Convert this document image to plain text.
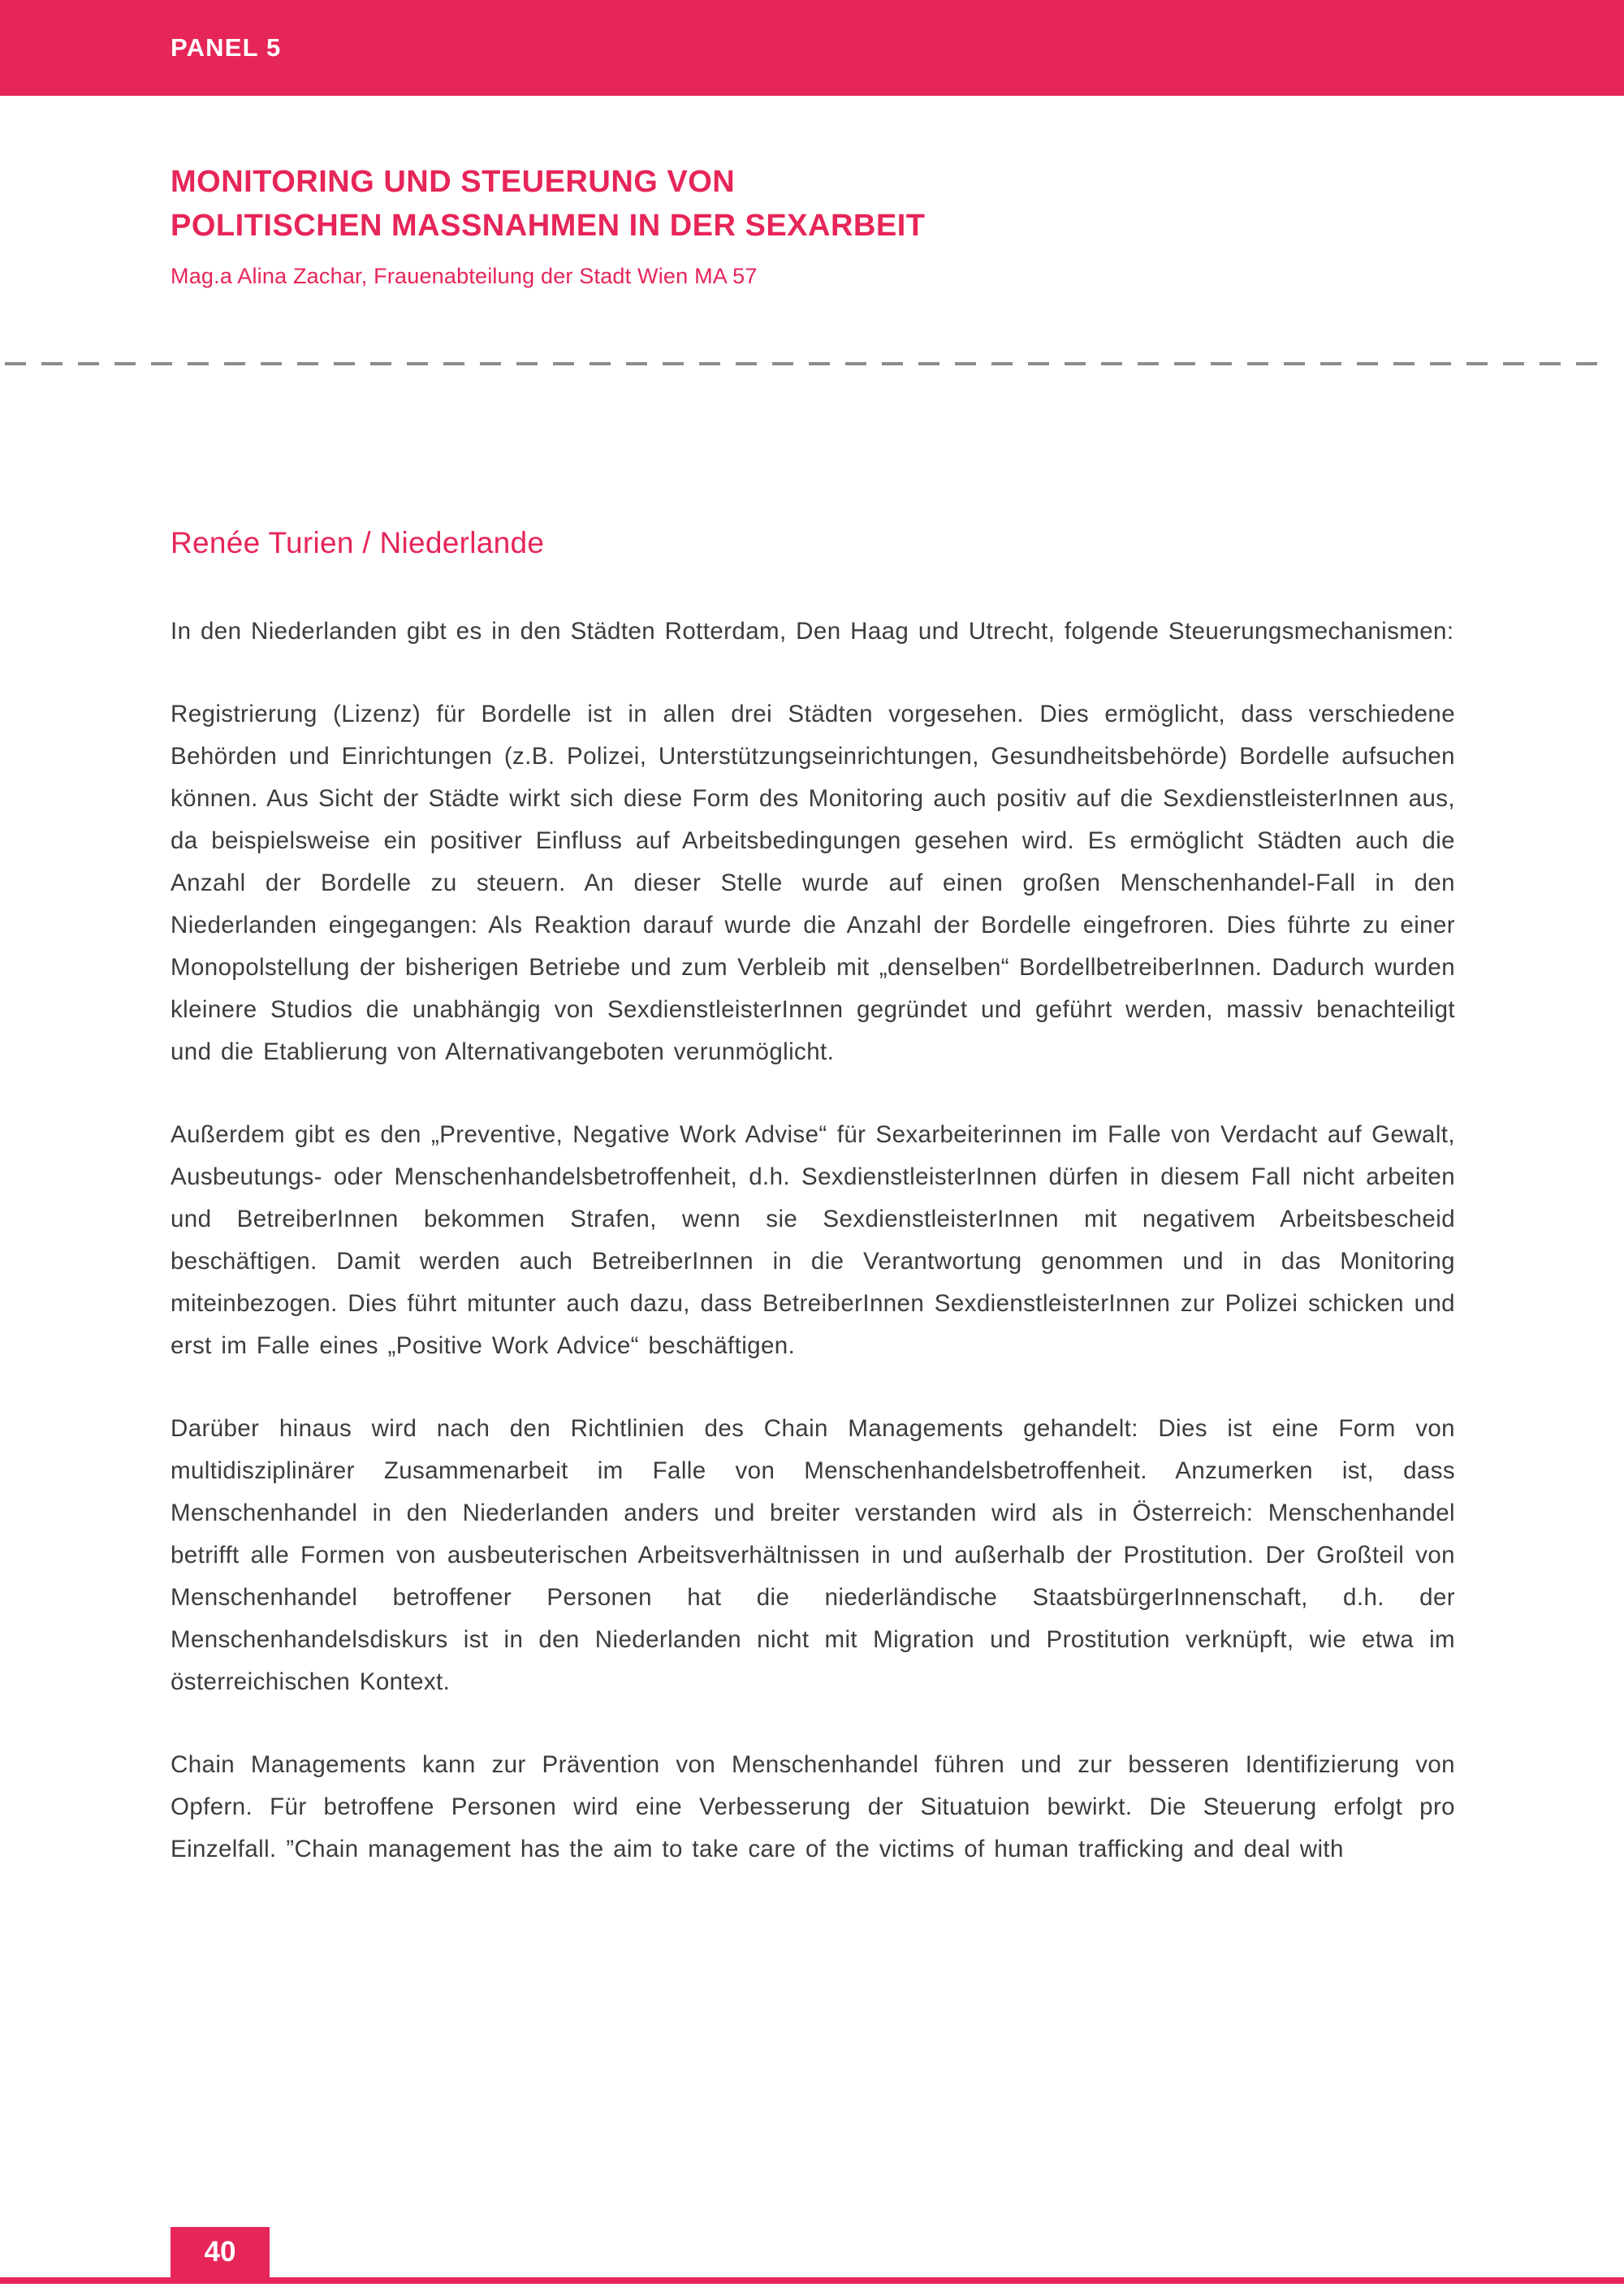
PANEL 5
MONITORING UND STEUERUNG VON
POLITISCHEN MASSNAHMEN IN DER SEXARBEIT

Mag.a Alina Zachar, Frauenabteilung der Stadt Wien MA 57

Renée Turien / Niederlande

In den Niederlanden gibt es in den Städten Rotterdam, Den Haag und Utrecht, folgende Steuerungsmechanismen:

Registrierung (Lizenz) für Bordelle ist in allen drei Städten vorgesehen. Dies ermöglicht, dass verschiedene Behörden und Einrichtungen (z.B. Polizei, Unterstützungseinrichtungen, Gesundheitsbehörde) Bordelle aufsuchen können. Aus Sicht der Städte wirkt sich diese Form des Monitoring auch positiv auf die SexdienstleisterInnen aus, da beispielsweise ein positiver Einfluss auf Arbeitsbedingungen gesehen wird. Es ermöglicht Städten auch die Anzahl der Bordelle zu steuern. An dieser Stelle wurde auf einen großen Menschenhandel-Fall in den Niederlanden eingegangen: Als Reaktion darauf wurde die Anzahl der Bordelle eingefroren. Dies führte zu einer Monopolstellung der bisherigen Betriebe und zum Verbleib mit „denselben“ BordellbetreiberInnen. Dadurch wurden kleinere Studios die unabhängig von SexdienstleisterInnen gegründet und geführt werden, massiv benachteiligt und die Etablierung von Alternativangeboten verunmöglicht.

Außerdem gibt es den „Preventive, Negative Work Advise“ für Sexarbeiterinnen im Falle von Verdacht auf Gewalt, Ausbeutungs- oder Menschenhandelsbetroffenheit, d.h. SexdienstleisterInnen dürfen in diesem Fall nicht arbeiten und BetreiberInnen bekommen Strafen, wenn sie SexdienstleisterInnen mit negativem Arbeitsbescheid beschäftigen. Damit werden auch BetreiberInnen in die Verantwortung genommen und in das Monitoring miteinbezogen. Dies führt mitunter auch dazu, dass BetreiberInnen SexdienstleisterInnen zur Polizei schicken und erst im Falle eines „Positive Work Advice“ beschäftigen.

Darüber hinaus wird nach den Richtlinien des Chain Managements gehandelt: Dies ist eine Form von multidisziplinärer Zusammenarbeit im Falle von Menschenhandelsbetroffenheit. Anzumerken ist, dass Menschenhandel in den Niederlanden anders und breiter verstanden wird als in Österreich: Menschenhandel betrifft alle Formen von ausbeuterischen Arbeitsverhältnissen in und außerhalb der Prostitution. Der Großteil von Menschenhandel betroffener Personen hat die niederländische StaatsbürgerInnenschaft, d.h. der Menschenhandelsdiskurs ist in den Niederlanden nicht mit Migration und Prostitution verknüpft, wie etwa im österreichischen Kontext.

Chain Managements kann zur Prävention von Menschenhandel führen und zur besseren Identifizierung von Opfern. Für betroffene Personen wird eine Verbesserung der Situatuion bewirkt. Die Steuerung erfolgt pro Einzelfall. ”Chain management has the aim to take care of the victims of human trafficking and deal with

40
